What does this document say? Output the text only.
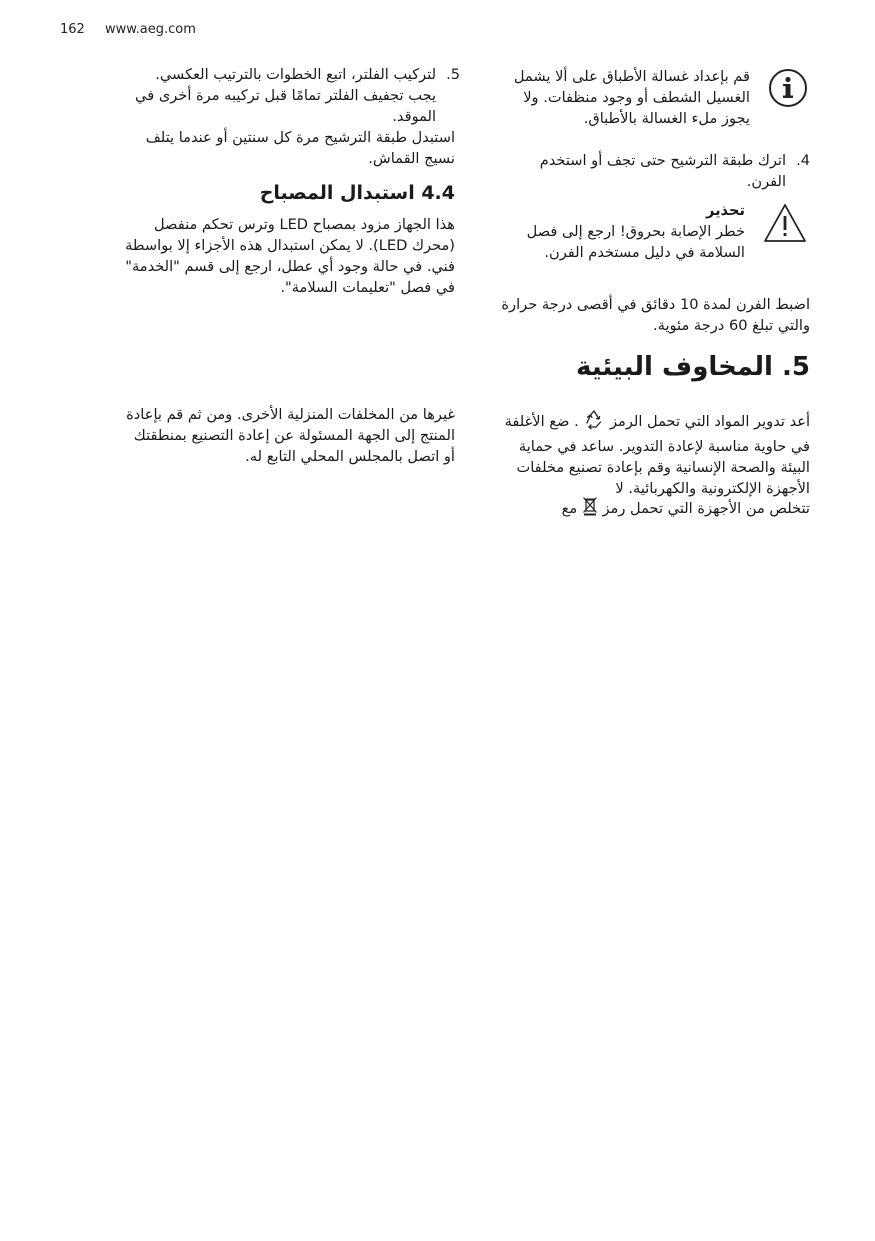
162 www.aeg.com

قم بإعداد غسالة الأطباق على ألا يشمل الغسيل الشطف أو وجود منظفات. ولا يجوز ملء الغسالة بالأطباق.

4.
اترك طبقة الترشيح حتى تجف أو استخدم الفرن.

تحذير

خطر الإصابة بحروق! ارجع إلى فصل السلامة في دليل مستخدم الفرن.

اضبط الفرن لمدة 10 دقائق في أقصى درجة حرارة والتي تبلغ 60 درجة مئوية.

5. المخاوف البيئية

أعد تدوير المواد التي تحمل الرمز  . ضع الأغلفة في حاوية مناسبة لإعادة التدوير. ساعد في حماية البيئة والصحة الإنسانية وقم بإعادة تصنيع مخلفات الأجهزة الإلكترونية والكهربائية. لا

تتخلص من الأجهزة التي تحمل رمز  مع

5.
لتركيب الفلتر، اتبع الخطوات بالترتيب العكسي. يجب تجفيف الفلتر تمامًا قبل تركيبه مرة أخرى في الموقد.

استبدل طبقة الترشيح مرة كل سنتين أو عندما يتلف نسيج القماش.

4.4 استبدال المصباح

هذا الجهاز مزود بمصباح LED وترس تحكم منفصل (محرك LED). لا يمكن استبدال هذه الأجزاء إلا بواسطة فني. في حالة وجود أي عطل، ارجع إلى قسم "الخدمة" في فصل "تعليمات السلامة".

غيرها من المخلفات المنزلية الأخرى. ومن ثم قم بإعادة المنتج إلى الجهة المسئولة عن إعادة التصنيع بمنطقتك أو اتصل بالمجلس المحلي التابع له.
